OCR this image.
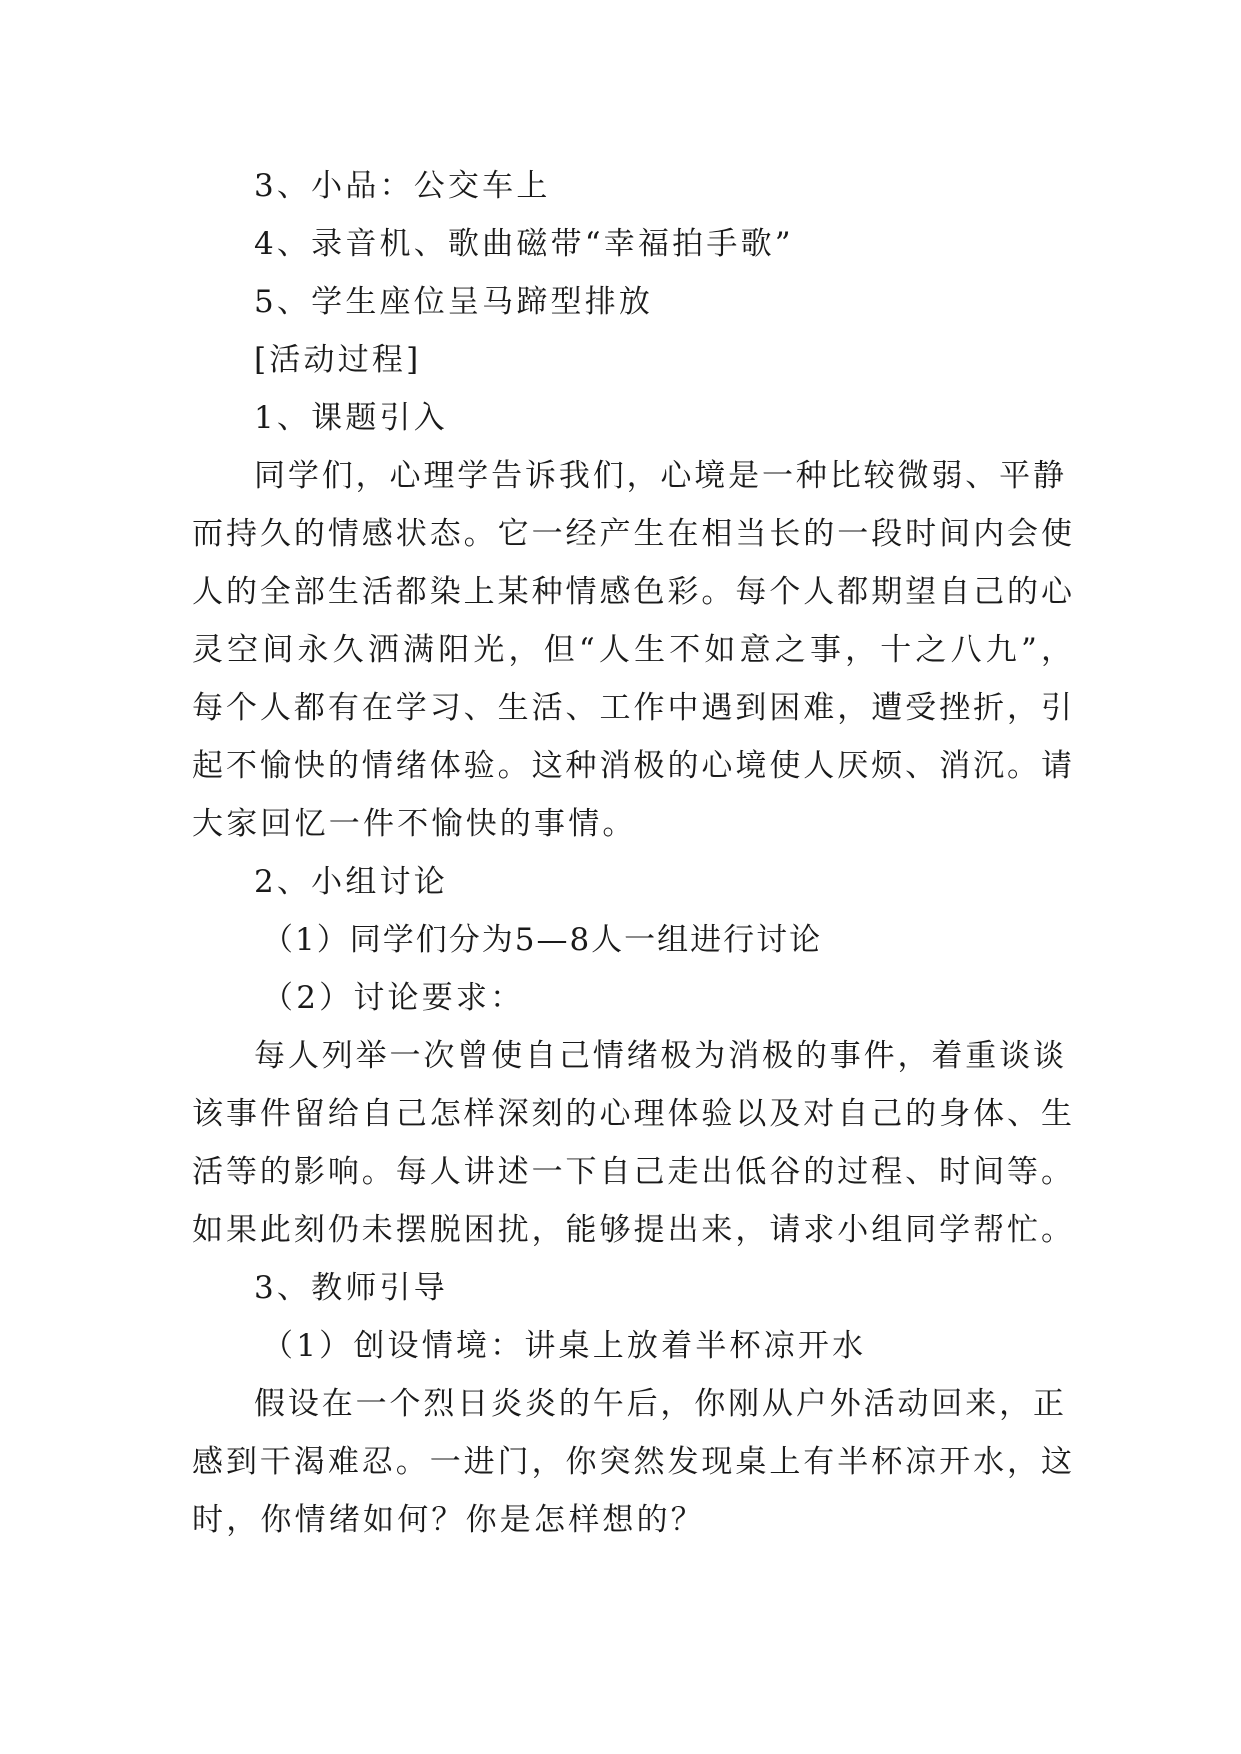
3、小品：公交车上
4、录音机、歌曲磁带“幸福拍手歌”
5、学生座位呈马蹄型排放
[活动过程]
1、课题引入
同学们，心理学告诉我们，心境是一种比较微弱、平静
而持久的情感状态。它一经产生在相当长的一段时间内会使
人的全部生活都染上某种情感色彩。每个人都期望自己的心
灵空间永久洒满阳光，但“人生不如意之事，十之八九”，
每个人都有在学习、生活、工作中遇到困难，遭受挫折，引
起不愉快的情绪体验。这种消极的心境使人厌烦、消沉。请
大家回忆一件不愉快的事情。
2、小组讨论
（1）同学们分为5—8人一组进行讨论
（2）讨论要求：
每人列举一次曾使自己情绪极为消极的事件，着重谈谈
该事件留给自己怎样深刻的心理体验以及对自己的身体、生
活等的影响。每人讲述一下自己走出低谷的过程、时间等。
如果此刻仍未摆脱困扰，能够提出来，请求小组同学帮忙。
3、教师引导
（1）创设情境：讲桌上放着半杯凉开水
假设在一个烈日炎炎的午后，你刚从户外活动回来，正
感到干渴难忍。一进门，你突然发现桌上有半杯凉开水，这
时，你情绪如何？你是怎样想的？
